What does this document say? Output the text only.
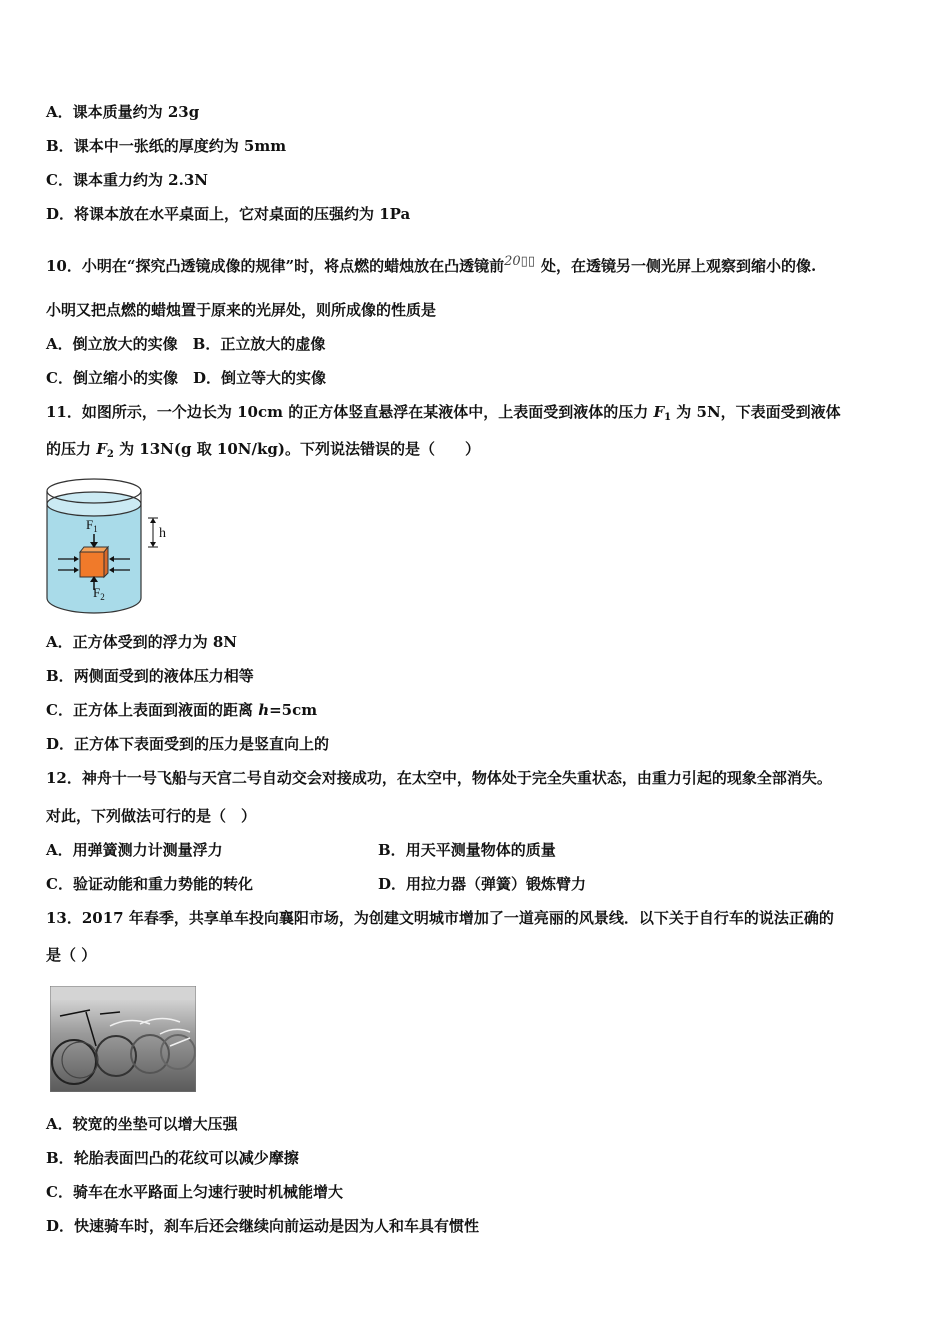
A．课本质量约为 23g
B．课本中一张纸的厚度约为 5mm
C．课本重力约为 2.3N
D．将课本放在水平桌面上，它对桌面的压强约为 1Pa
10．小明在“探究凸透镜成像的规律”时，将点燃的蜡烛放在凸透镜前20▯▯ 处，在透镜另一侧光屏上观察到缩小的像.
小明又把点燃的蜡烛置于原来的光屏处，则所成像的性质是
A．倒立放大的实像　B．正立放大的虚像
C．倒立缩小的实像　D．倒立等大的实像
11．如图所示，一个边长为 10cm 的正方体竖直悬浮在某液体中，上表面受到液体的压力 $F_1$ 为 5N，下表面受到液体
的压力 $F_2$ 为 13N(g 取 10N/kg)。下列说法错误的是（　　）
$F_1$
$F_2$
h
A．正方体受到的浮力为 8N
B．两侧面受到的液体压力相等
C．正方体上表面到液面的距离 h=5cm
D．正方体下表面受到的压力是竖直向上的
12．神舟十一号飞船与天宫二号自动交会对接成功，在太空中，物体处于完全失重状态，由重力引起的现象全部消失。
对此，下列做法可行的是（　）
A．用弹簧测力计测量浮力	B．用天平测量物体的质量
C．验证动能和重力势能的转化	D．用拉力器（弹簧）锻炼臂力
13．2017 年春季，共享单车投向襄阳市场，为创建文明城市增加了一道亮丽的风景线．以下关于自行车的说法正确的
是（ ）
A．较宽的坐垫可以增大压强
B．轮胎表面凹凸的花纹可以减少摩擦
C．骑车在水平路面上匀速行驶时机械能增大
D．快速骑车时，刹车后还会继续向前运动是因为人和车具有惯性
